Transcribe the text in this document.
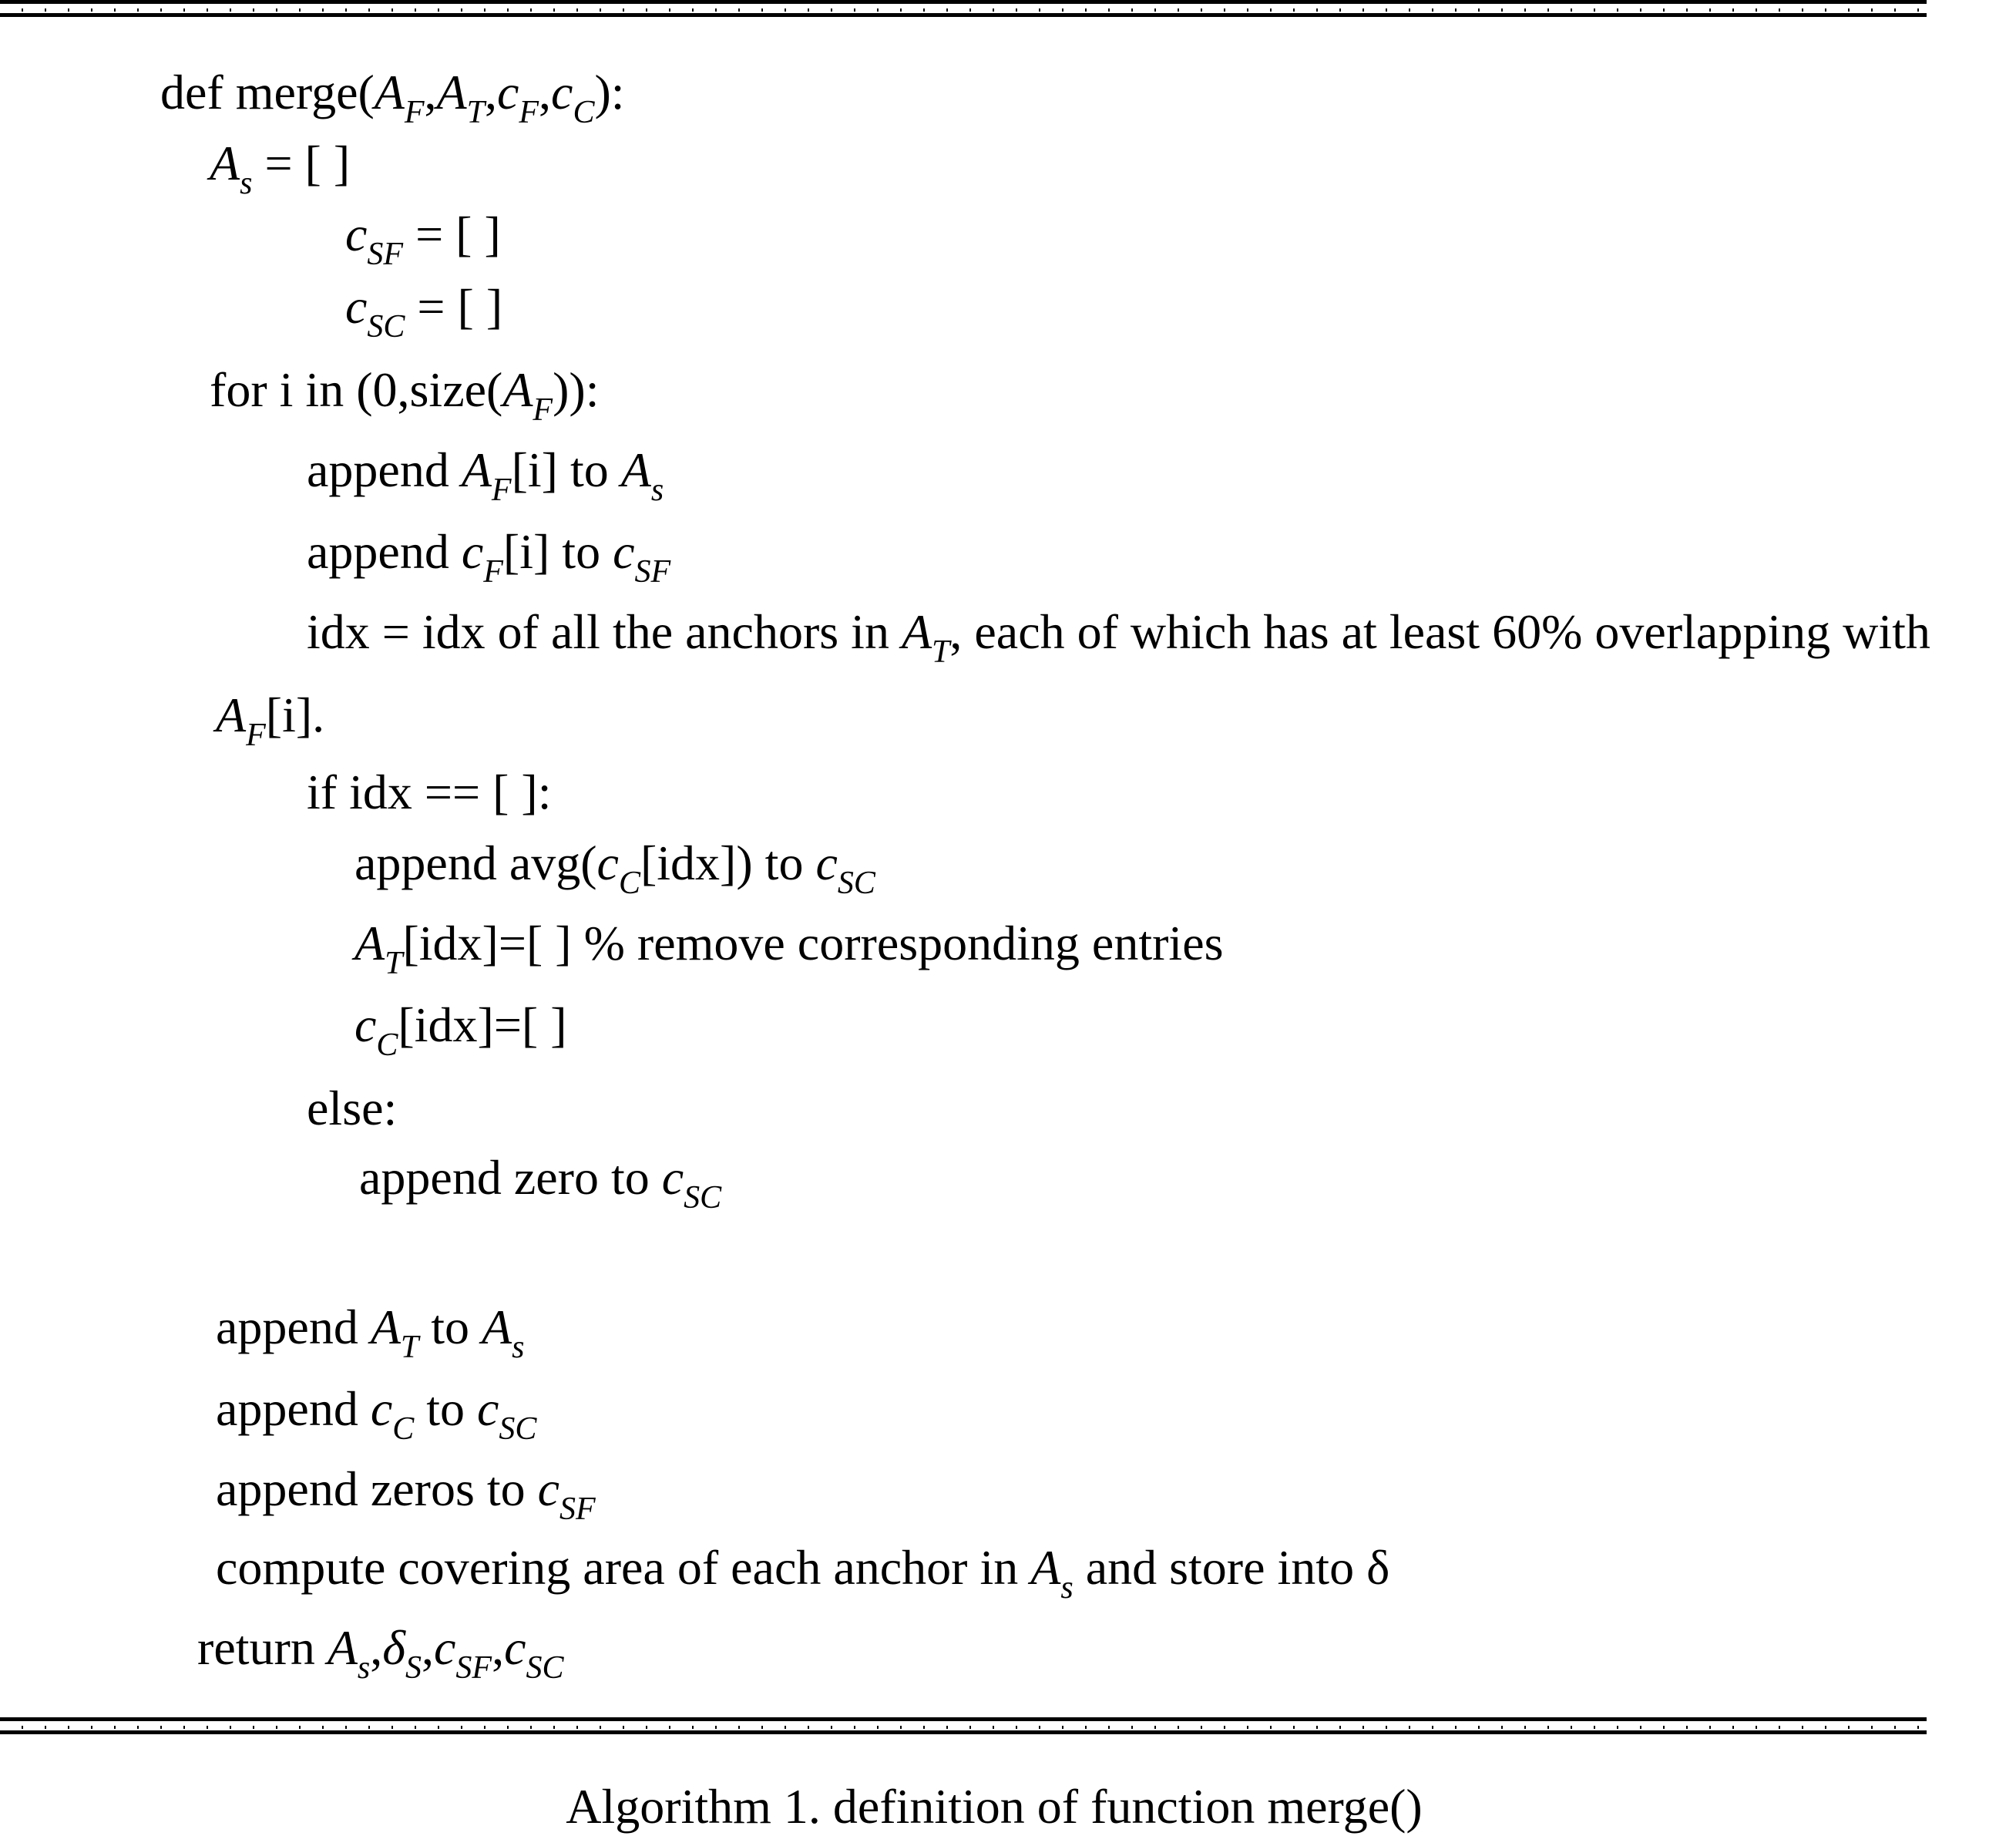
def $merge(A_F,A_T,c_F,c_C)$:
$A_s$ = [ ]
$c_{SF}$ = [ ]
$c_{SC}$ = [ ]
for i in $(0,size(A_F))$:
append $A_F[i]$ to $A_s$
append $c_F[i]$ to $c_{SF}$
idx = idx of all the anchors in $A_T$, each of which has at least 60% overlapping with
$A_F[i]$.
if idx == [ ]:
append $avg(c_C[idx])$ to $c_{SC}$
$A_T[idx]=$[ ] % remove corresponding entries
$c_C[idx]=$[ ]
else:
append zero to $c_{SC}$
append $A_T$ to $A_s$
append $c_C$ to $c_{SC}$
append zeros to $c_{SF}$
compute covering area of each anchor in $A_s$ and store into δ
return $A_s,\delta_S,c_{SF},c_{SC}$
Algorithm 1. definition of function merge()
